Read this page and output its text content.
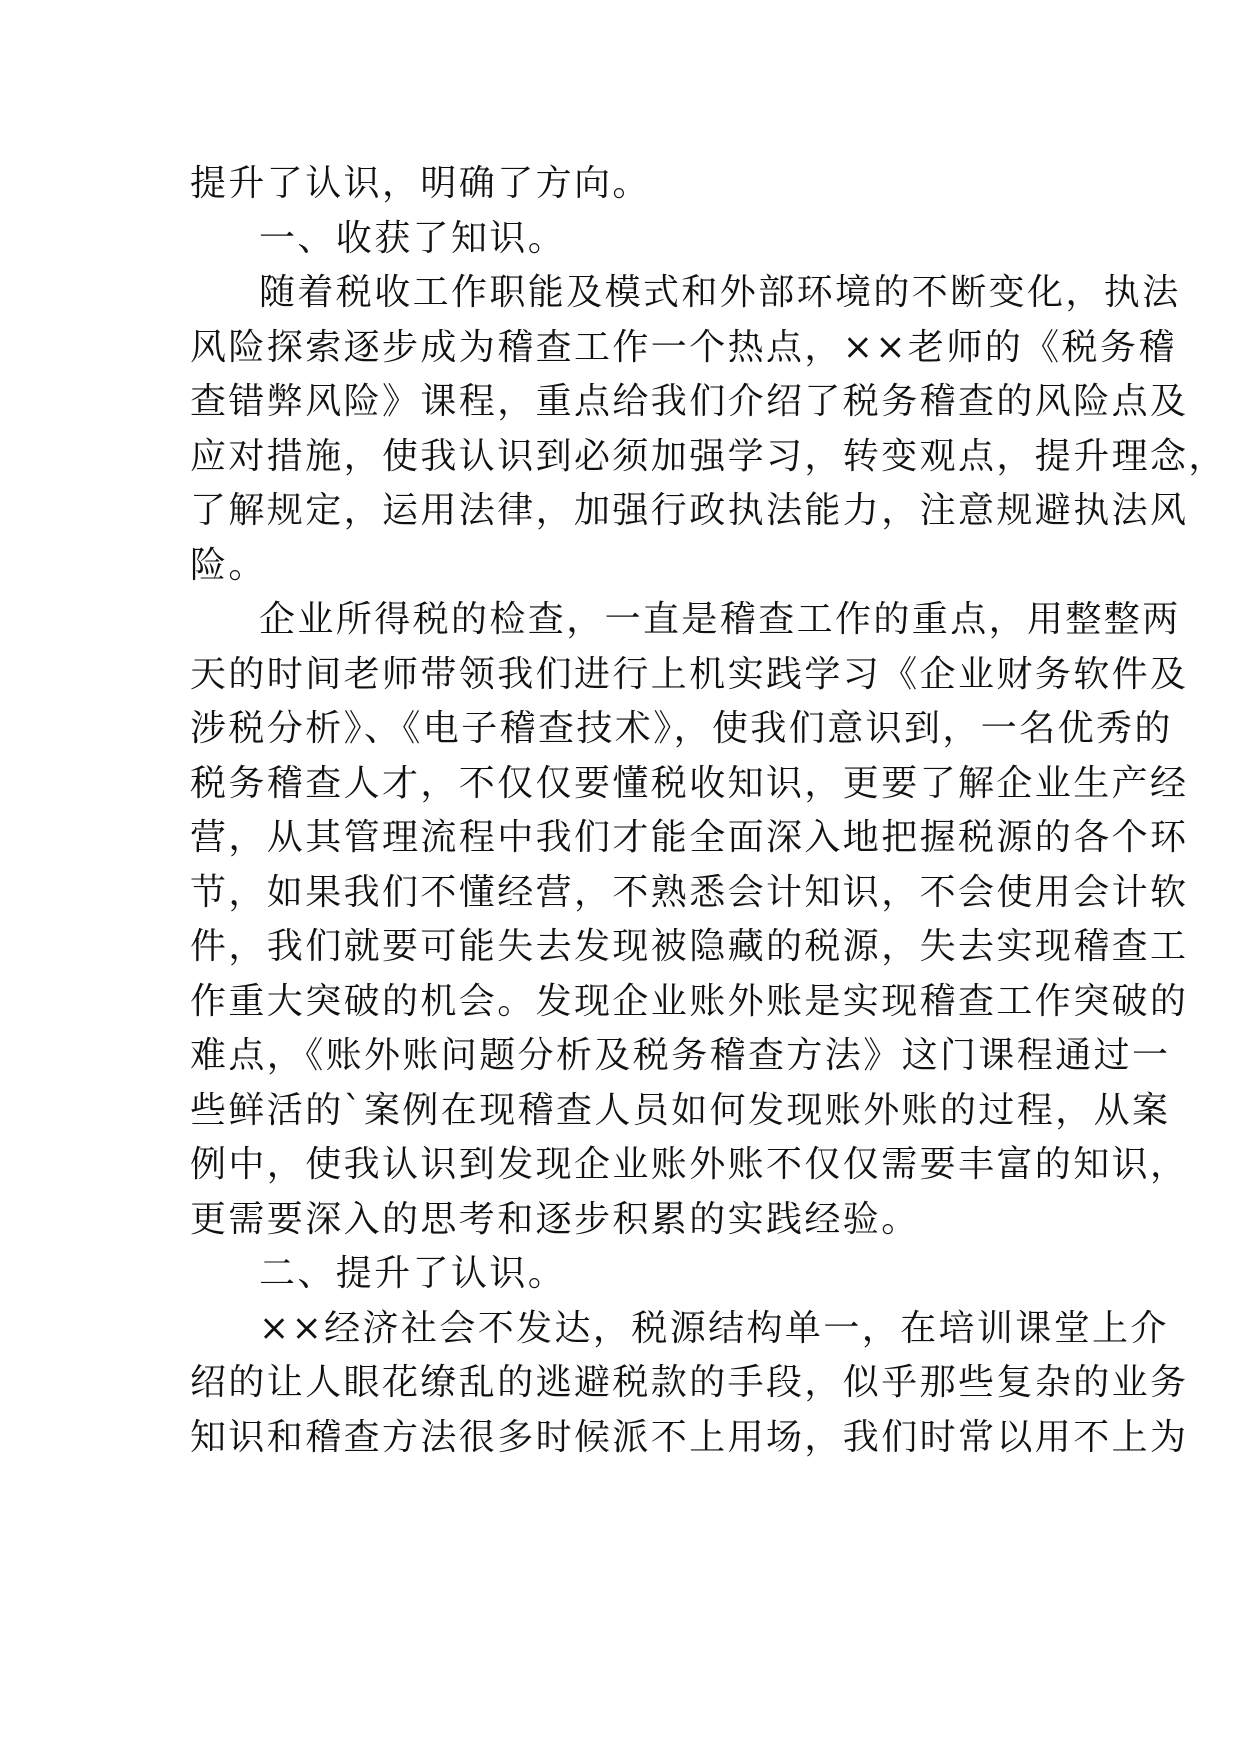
提升了认识，明确了方向。
一、收获了知识。
随着税收工作职能及模式和外部环境的不断变化，执法
风险探索逐步成为稽查工作一个热点，××老师的《税务稽
查错弊风险》课程，重点给我们介绍了税务稽查的风险点及
应对措施，使我认识到必须加强学习，转变观点，提升理念，
了解规定，运用法律，加强行政执法能力，注意规避执法风
险。
企业所得税的检查，一直是稽查工作的重点，用整整两
天的时间老师带领我们进行上机实践学习《企业财务软件及
涉税分析》、《电子稽查技术》，使我们意识到，一名优秀的
税务稽查人才，不仅仅要懂税收知识，更要了解企业生产经
营，从其管理流程中我们才能全面深入地把握税源的各个环
节，如果我们不懂经营，不熟悉会计知识，不会使用会计软
件，我们就要可能失去发现被隐藏的税源，失去实现稽查工
作重大突破的机会。发现企业账外账是实现稽查工作突破的
难点，《账外账问题分析及税务稽查方法》这门课程通过一
些鲜活的`案例在现稽查人员如何发现账外账的过程，从案
例中，使我认识到发现企业账外账不仅仅需要丰富的知识，
更需要深入的思考和逐步积累的实践经验。
二、提升了认识。
××经济社会不发达，税源结构单一，在培训课堂上介
绍的让人眼花缭乱的逃避税款的手段，似乎那些复杂的业务
知识和稽查方法很多时候派不上用场，我们时常以用不上为
